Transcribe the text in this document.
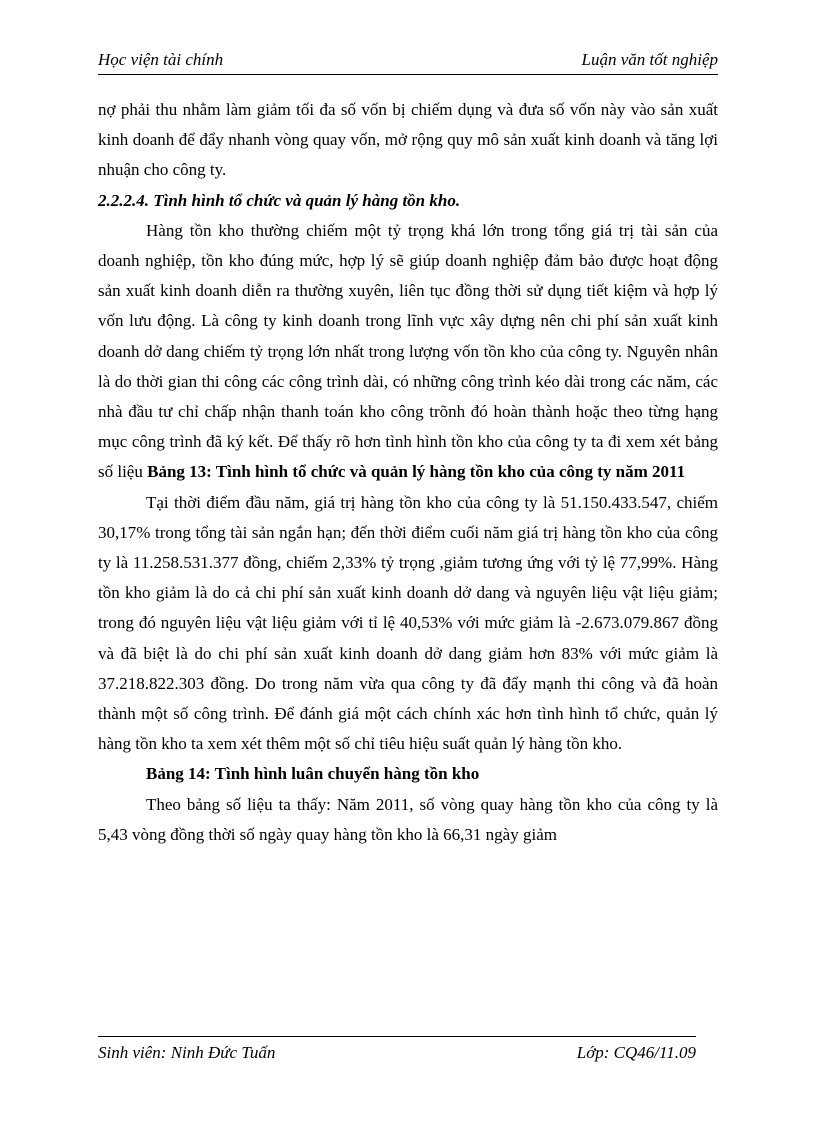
Học viện tài chính	Luận văn tốt nghiệp

nợ phải thu nhằm làm giảm tối đa số vốn bị chiếm dụng và đưa số vốn này vào sản xuất kinh doanh để đẩy nhanh vòng quay vốn, mở rộng quy mô sản xuất kinh doanh và tăng lợi nhuận cho công ty.

2.2.2.4. Tình hình tổ chức và quản lý hàng tồn kho.

Hàng tồn kho thường chiếm một tỷ trọng khá lớn trong tổng giá trị tài sản của doanh nghiệp, tồn kho đúng mức, hợp lý sẽ giúp doanh nghiệp đảm bảo được hoạt động sản xuất kinh doanh diễn ra thường xuyên, liên tục đồng thời sử dụng tiết kiệm và hợp lý vốn lưu động. Là công ty kinh doanh trong lĩnh vực xây dựng nên chi phí sản xuất kinh doanh dở dang chiếm tỷ trọng lớn nhất trong lượng vốn tồn kho của công ty. Nguyên nhân là do thời gian thi công các công trình dài, có những công trình kéo dài trong các năm, các nhà đầu tư chỉ chấp nhận thanh toán kho công trõnh đó hoàn thành hoặc theo từng hạng mục công trình đã ký kết. Để thấy rõ hơn tình hình tồn kho của công ty ta đi xem xét bảng số liệu Bảng 13: Tình hình tổ chức và quản lý hàng tồn kho của công ty năm 2011

Tại thời điểm đầu năm, giá trị hàng tồn kho của công ty là 51.150.433.547, chiếm 30,17% trong tổng tài sản ngắn hạn; đến thời điểm cuối năm giá trị hàng tồn kho của công ty là 11.258.531.377 đồng, chiếm 2,33% tỷ trọng ,giảm tương ứng với tỷ lệ 77,99%. Hàng tồn kho giảm là do cả chi phí sản xuất kinh doanh dở dang và nguyên liệu vật liệu giảm; trong đó nguyên liệu vật liệu giảm với tỉ lệ 40,53% với mức giảm là -2.673.079.867 đồng và đã biệt là do chi phí sản xuất kinh doanh dở dang giảm hơn 83% với mức giảm là 37.218.822.303 đồng. Do trong năm vừa qua công ty đã đẩy mạnh thi công và đã hoàn thành một số công trình. Để đánh giá một cách chính xác hơn tình hình tổ chức, quản lý hàng tồn kho ta xem xét thêm một số chỉ tiêu hiệu suất quản lý hàng tồn kho.

Bảng 14: Tình hình luân chuyển hàng tồn kho

Theo bảng số liệu ta thấy: Năm 2011, số vòng quay hàng tồn kho của công ty là 5,43 vòng đồng thời số ngày quay hàng tồn kho là 66,31 ngày giảm

Sinh viên: Ninh Đức Tuấn	Lớp: CQ46/11.09
